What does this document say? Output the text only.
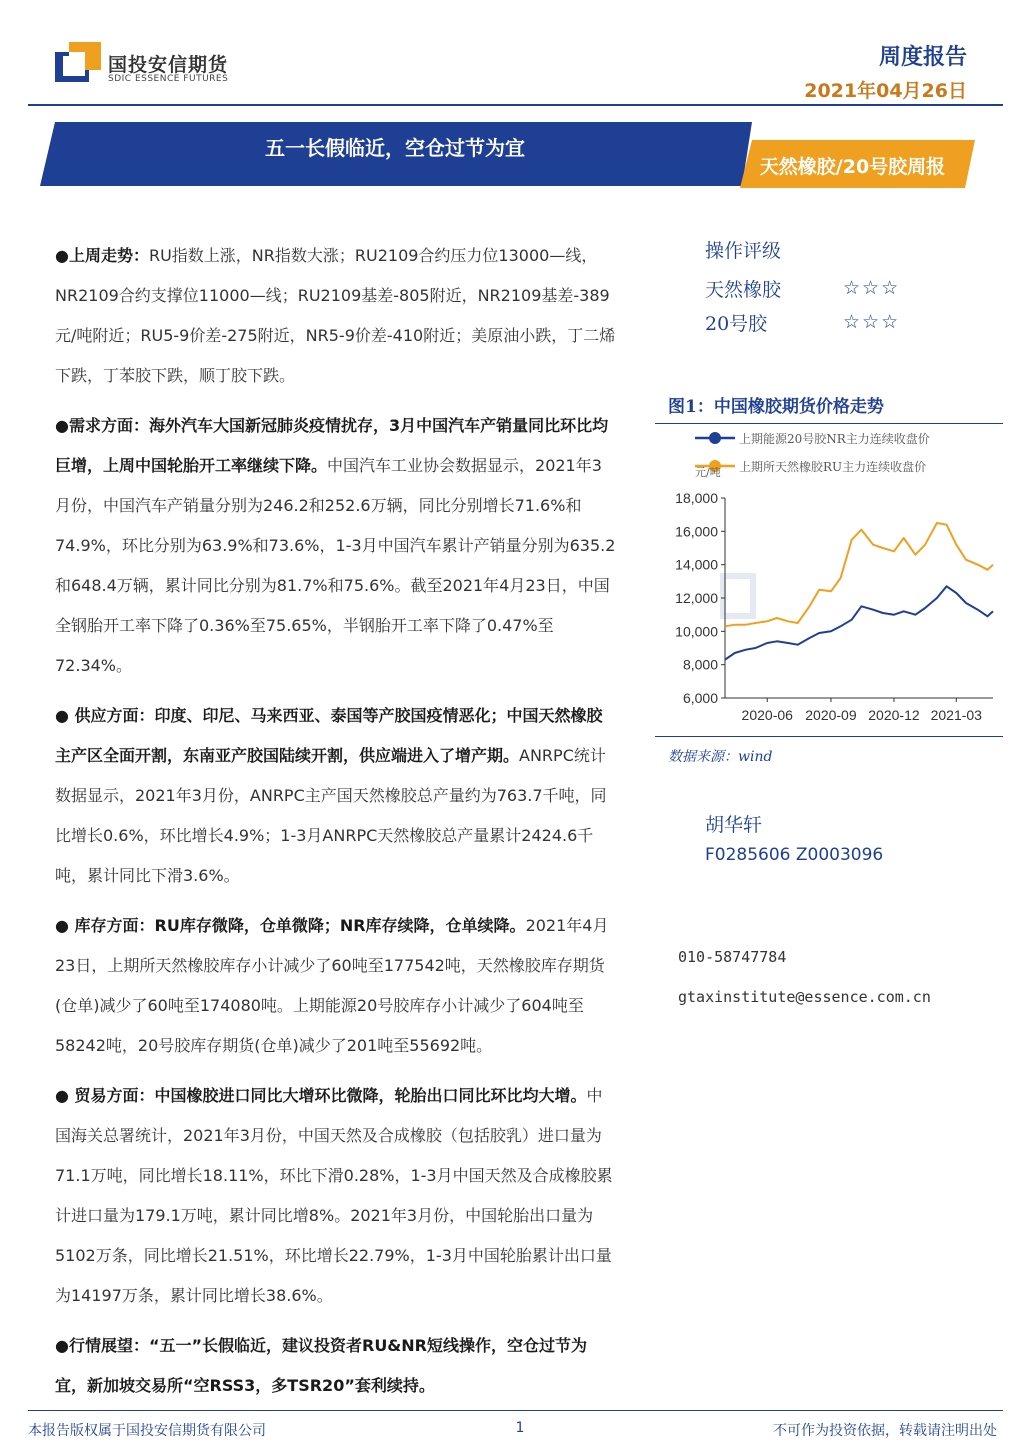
国投安信期货
SDIC ESSENCE FUTURES
周度报告
2021年04月26日
五一长假临近，空仓过节为宜
天然橡胶/20号胶周报

●上周走势：RU指数上涨，NR指数大涨；RU2109合约压力位13000—线，NR2109合约支撑位11000—线；RU2109基差-805附近，NR2109基差-389元/吨附近；RU5-9价差-275附近，NR5-9价差-410附近；美原油小跌，丁二烯下跌，丁苯胶下跌，顺丁胶下跌。

●需求方面：海外汽车大国新冠肺炎疫情扰存，3月中国汽车产销量同比环比均巨增，上周中国轮胎开工率继续下降。中国汽车工业协会数据显示，2021年3月份，中国汽车产销量分别为246.2和252.6万辆，同比分别增长71.6%和74.9%，环比分别为63.9%和73.6%，1-3月中国汽车累计产销量分别为635.2和648.4万辆，累计同比分别为81.7%和75.6%。截至2021年4月23日，中国全钢胎开工率下降了0.36%至75.65%，半钢胎开工率下降了0.47%至72.34%。

● 供应方面：印度、印尼、马来西亚、泰国等产胶国疫情恶化；中国天然橡胶主产区全面开割，东南亚产胶国陆续开割，供应端进入了增产期。ANRPC统计数据显示，2021年3月份，ANRPC主产国天然橡胶总产量约为763.7千吨，同比增长0.6%，环比增长4.9%；1-3月ANRPC天然橡胶总产量累计2424.6千吨，累计同比下滑3.6%。

● 库存方面：RU库存微降，仓单微降；NR库存续降，仓单续降。2021年4月23日，上期所天然橡胶库存小计减少了60吨至177542吨，天然橡胶库存期货(仓单)减少了60吨至174080吨。上期能源20号胶库存小计减少了604吨至58242吨，20号胶库存期货(仓单)减少了201吨至55692吨。

● 贸易方面：中国橡胶进口同比大增环比微降，轮胎出口同比环比均大增。中国海关总署统计，2021年3月份，中国天然及合成橡胶（包括胶乳）进口量为71.1万吨，同比增长18.11%，环比下滑0.28%，1-3月中国天然及合成橡胶累计进口量为179.1万吨，累计同比增8%。2021年3月份，中国轮胎出口量为5102万条，同比增长21.51%，环比增长22.79%，1-3月中国轮胎累计出口量为14197万条，累计同比增长38.6%。

●行情展望：“五一”长假临近，建议投资者RU&NR短线操作，空仓过节为宜，新加坡交易所“空RSS3，多TSR20”套利续持。

操作评级
天然橡胶	☆☆☆
20号胶	☆☆☆
图1：中国橡胶期货价格走势
18,000
16,000
14,000
12,000
10,000
8,000
6,000
2020-06 2020-09 2020-12 2021-03
上期能源20号胶NR主力连续收盘价
上期所天然橡胶RU主力连续收盘价
元/吨
数据来源：wind
胡华轩
F0285606 Z0003096
010-58747784
gtaxinstitute@essence.com.cn
本报告版权属于国投安信期货有限公司	1	不可作为投资依据，转载请注明出处
